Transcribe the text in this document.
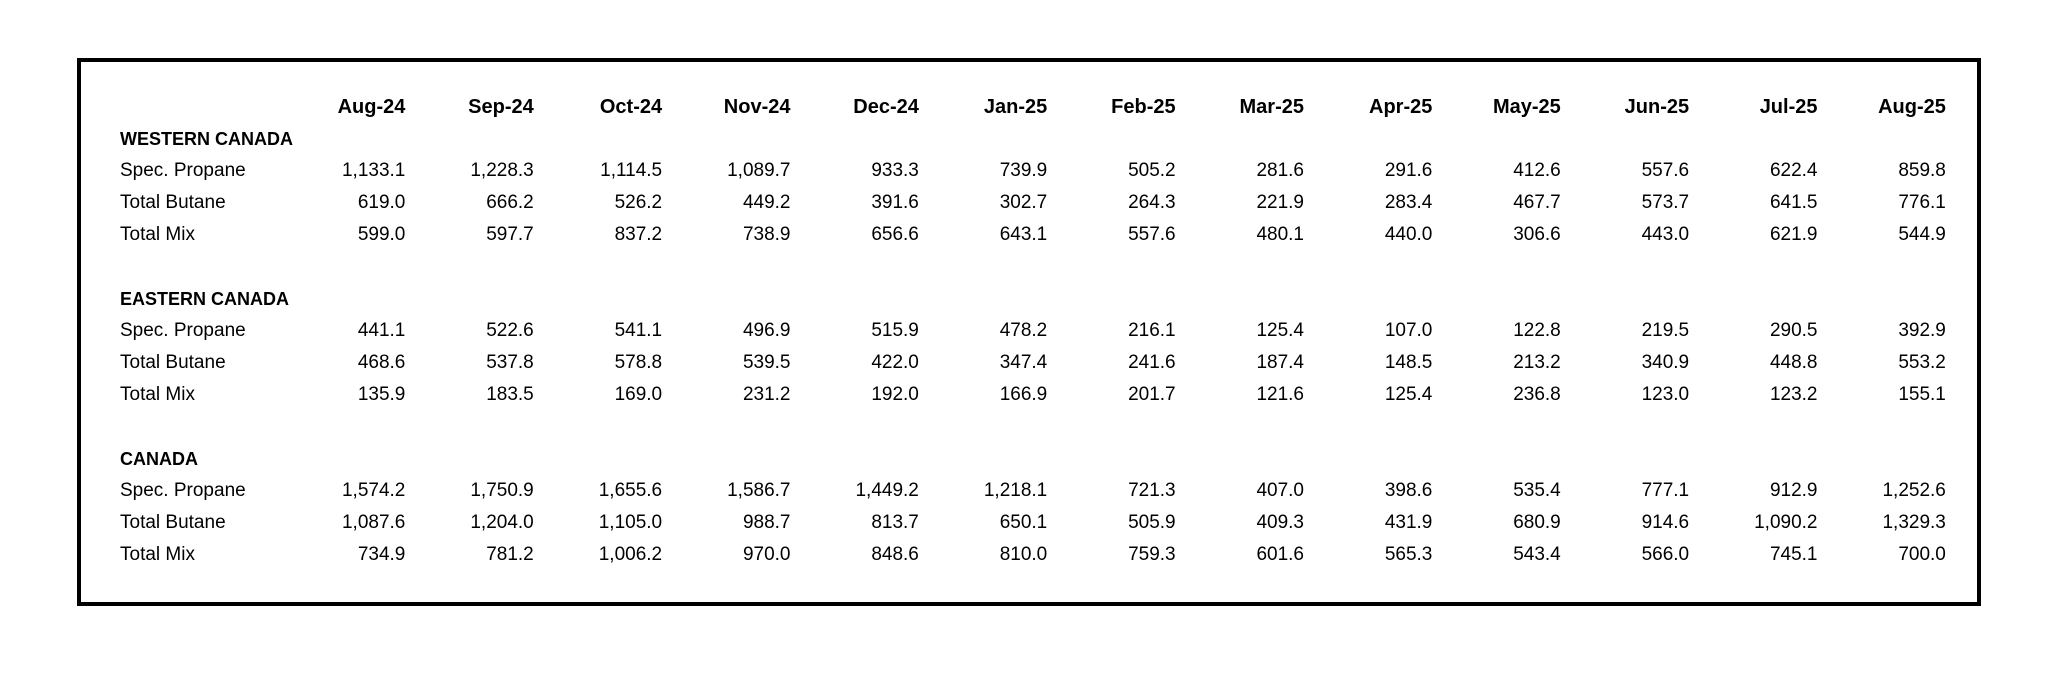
	Aug-24	Sep-24	Oct-24	Nov-24	Dec-24	Jan-25	Feb-25	Mar-25	Apr-25	May-25	Jun-25	Jul-25	Aug-25
WESTERN CANADA													
Spec. Propane	1,133.1	1,228.3	1,114.5	1,089.7	933.3	739.9	505.2	281.6	291.6	412.6	557.6	622.4	859.8
Total Butane	619.0	666.2	526.2	449.2	391.6	302.7	264.3	221.9	283.4	467.7	573.7	641.5	776.1
Total Mix	599.0	597.7	837.2	738.9	656.6	643.1	557.6	480.1	440.0	306.6	443.0	621.9	544.9

EASTERN CANADA													
Spec. Propane	441.1	522.6	541.1	496.9	515.9	478.2	216.1	125.4	107.0	122.8	219.5	290.5	392.9
Total Butane	468.6	537.8	578.8	539.5	422.0	347.4	241.6	187.4	148.5	213.2	340.9	448.8	553.2
Total Mix	135.9	183.5	169.0	231.2	192.0	166.9	201.7	121.6	125.4	236.8	123.0	123.2	155.1

CANADA													
Spec. Propane	1,574.2	1,750.9	1,655.6	1,586.7	1,449.2	1,218.1	721.3	407.0	398.6	535.4	777.1	912.9	1,252.6
Total Butane	1,087.6	1,204.0	1,105.0	988.7	813.7	650.1	505.9	409.3	431.9	680.9	914.6	1,090.2	1,329.3
Total Mix	734.9	781.2	1,006.2	970.0	848.6	810.0	759.3	601.6	565.3	543.4	566.0	745.1	700.0
